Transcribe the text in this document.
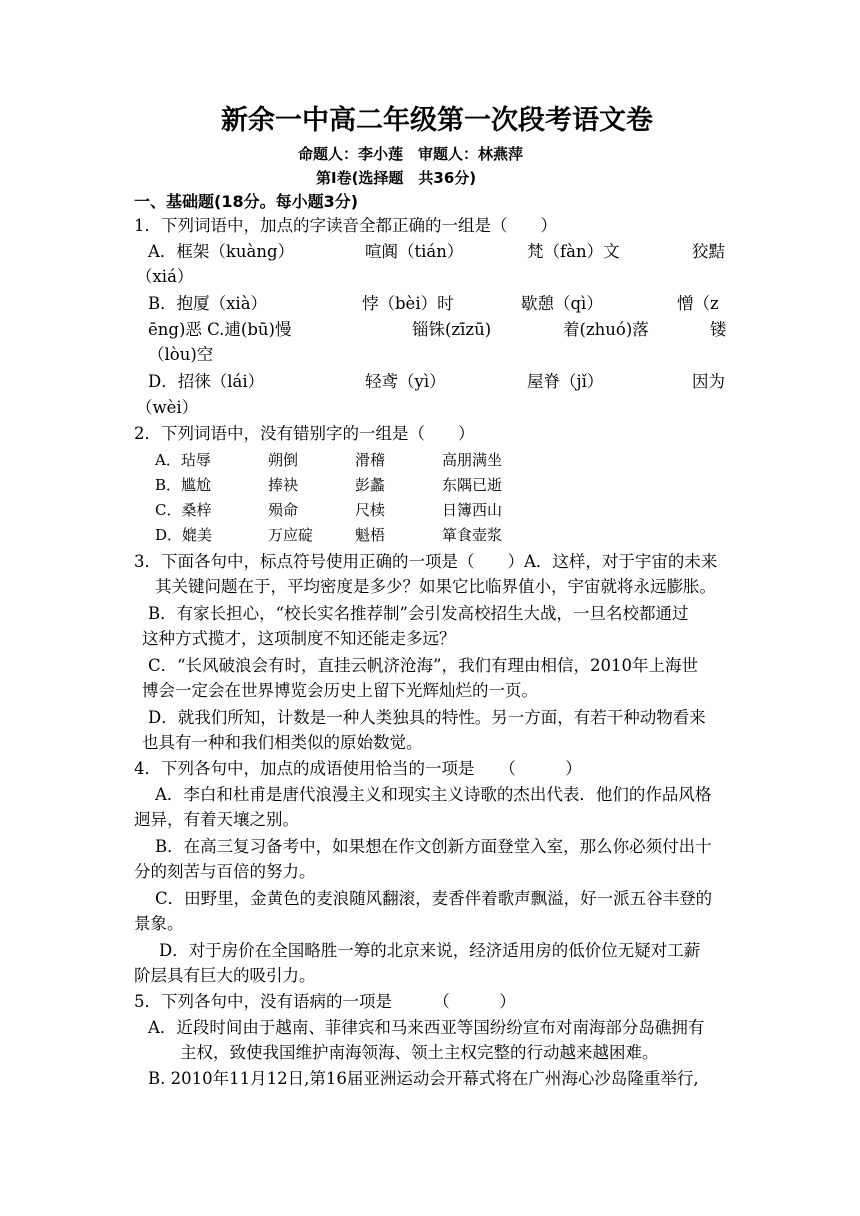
新余一中高二年级第一次段考语文卷
命题人：李小莲　审题人：林燕萍
第Ⅰ卷(选择题　共36分)
一、基础题(18分。每小题3分)
1．下列词语中，加点的字读音全都正确的一组是（　　）
A．框架（kuàng）	喧阗（tián）	梵（fàn）文	狡黠
（xiá）
B．抱厦（xià）	悖（bèi）时	歇憩（qì）	憎（z
ēng)恶 C.逋(bū)慢	锱铢(zīzū)	着(zhuó)落	镂
（lòu)空
D．招徕（lái）	轻鸢（yì）	屋脊（jǐ）	因为
（wèi）
2．下列词语中，没有错别字的一组是（　　）
A．玷辱	朔倒	滑稽	高朋满坐
B．尴尬	捧袂	彭蠡	东隅已逝
C．桑梓	殒命	尺椟	日簿西山
D．媲美	万应碇	魁梧	箪食壶浆
3．下面各句中，标点符号使用正确的一项是（　　）A．这样，对于宇宙的未来
其关键问题在于，平均密度是多少？如果它比临界值小，宇宙就将永远膨胀。
B．有家长担心，“校长实名推荐制”会引发高校招生大战，一旦名校都通过
这种方式揽才，这项制度不知还能走多远？
C．“长风破浪会有时，直挂云帆济沧海”，我们有理由相信，2010年上海世
博会一定会在世界博览会历史上留下光辉灿烂的一页。
D．就我们所知，计数是一种人类独具的特性。另一方面，有若干种动物看来
也具有一种和我们相类似的原始数觉。
4．下列各句中，加点的成语使用恰当的一项是　　（　　　）
A．李白和杜甫是唐代浪漫主义和现实主义诗歌的杰出代表．他们的作品风格
迥异，有着天壤之别。
B．在高三复习备考中，如果想在作文创新方面登堂入室，那么你必须付出十
分的刻苦与百倍的努力。
C．田野里，金黄色的麦浪随风翻滚，麦香伴着歌声飘溢，好一派五谷丰登的
景象。
D．对于房价在全国略胜一筹的北京来说，经济适用房的低价位无疑对工薪
阶层具有巨大的吸引力。
5．下列各句中，没有语病的一项是　　　（　　　）
A．近段时间由于越南、菲律宾和马来西亚等国纷纷宣布对南海部分岛礁拥有
主权，致使我国维护南海领海、领土主权完整的行动越来越困难。
B. 2010年11月12日,第16届亚洲运动会开幕式将在广州海心沙岛隆重举行,
